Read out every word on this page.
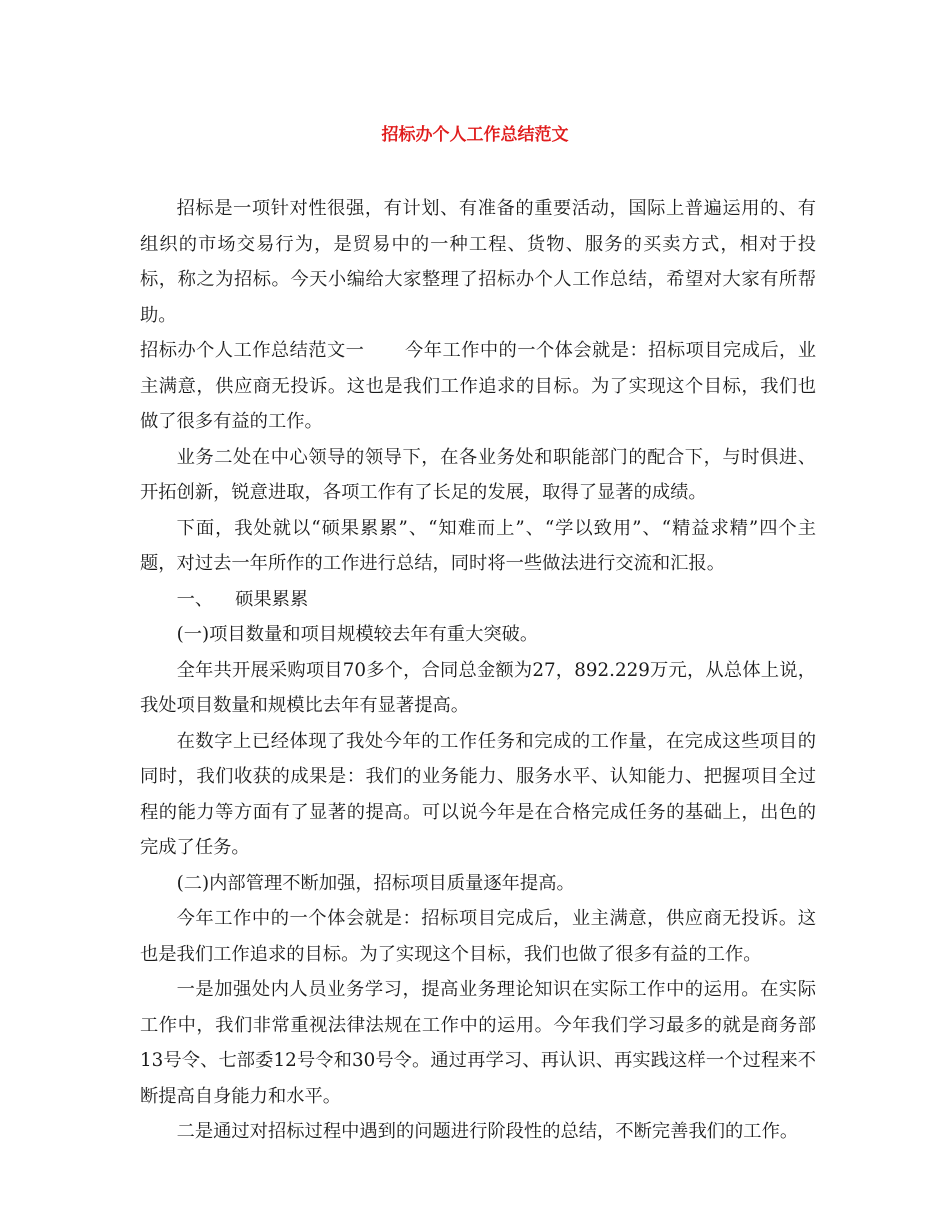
招标办个人工作总结范文

招标是一项针对性很强，有计划、有准备的重要活动，国际上普遍运用的、有组织的市场交易行为，是贸易中的一种工程、货物、服务的买卖方式，相对于投标，称之为招标。今天小编给大家整理了招标办个人工作总结，希望对大家有所帮助。

招标办个人工作总结范文一 今年工作中的一个体会就是：招标项目完成后，业主满意，供应商无投诉。这也是我们工作追求的目标。为了实现这个目标，我们也做了很多有益的工作。

业务二处在中心领导的领导下，在各业务处和职能部门的配合下，与时俱进、开拓创新，锐意进取，各项工作有了长足的发展，取得了显著的成绩。

下面，我处就以“硕果累累”、“知难而上”、“学以致用”、“精益求精”四个主题，对过去一年所作的工作进行总结，同时将一些做法进行交流和汇报。

一、 硕果累累

(一)项目数量和项目规模较去年有重大突破。

全年共开展采购项目70多个，合同总金额为27，892.229万元，从总体上说，我处项目数量和规模比去年有显著提高。

在数字上已经体现了我处今年的工作任务和完成的工作量，在完成这些项目的同时，我们收获的成果是：我们的业务能力、服务水平、认知能力、把握项目全过程的能力等方面有了显著的提高。可以说今年是在合格完成任务的基础上，出色的完成了任务。

(二)内部管理不断加强，招标项目质量逐年提高。

今年工作中的一个体会就是：招标项目完成后，业主满意，供应商无投诉。这也是我们工作追求的目标。为了实现这个目标，我们也做了很多有益的工作。

一是加强处内人员业务学习，提高业务理论知识在实际工作中的运用。在实际工作中，我们非常重视法律法规在工作中的运用。今年我们学习最多的就是商务部13号令、七部委12号令和30号令。通过再学习、再认识、再实践这样一个过程来不断提高自身能力和水平。

二是通过对招标过程中遇到的问题进行阶段性的总结，不断完善我们的工作。
